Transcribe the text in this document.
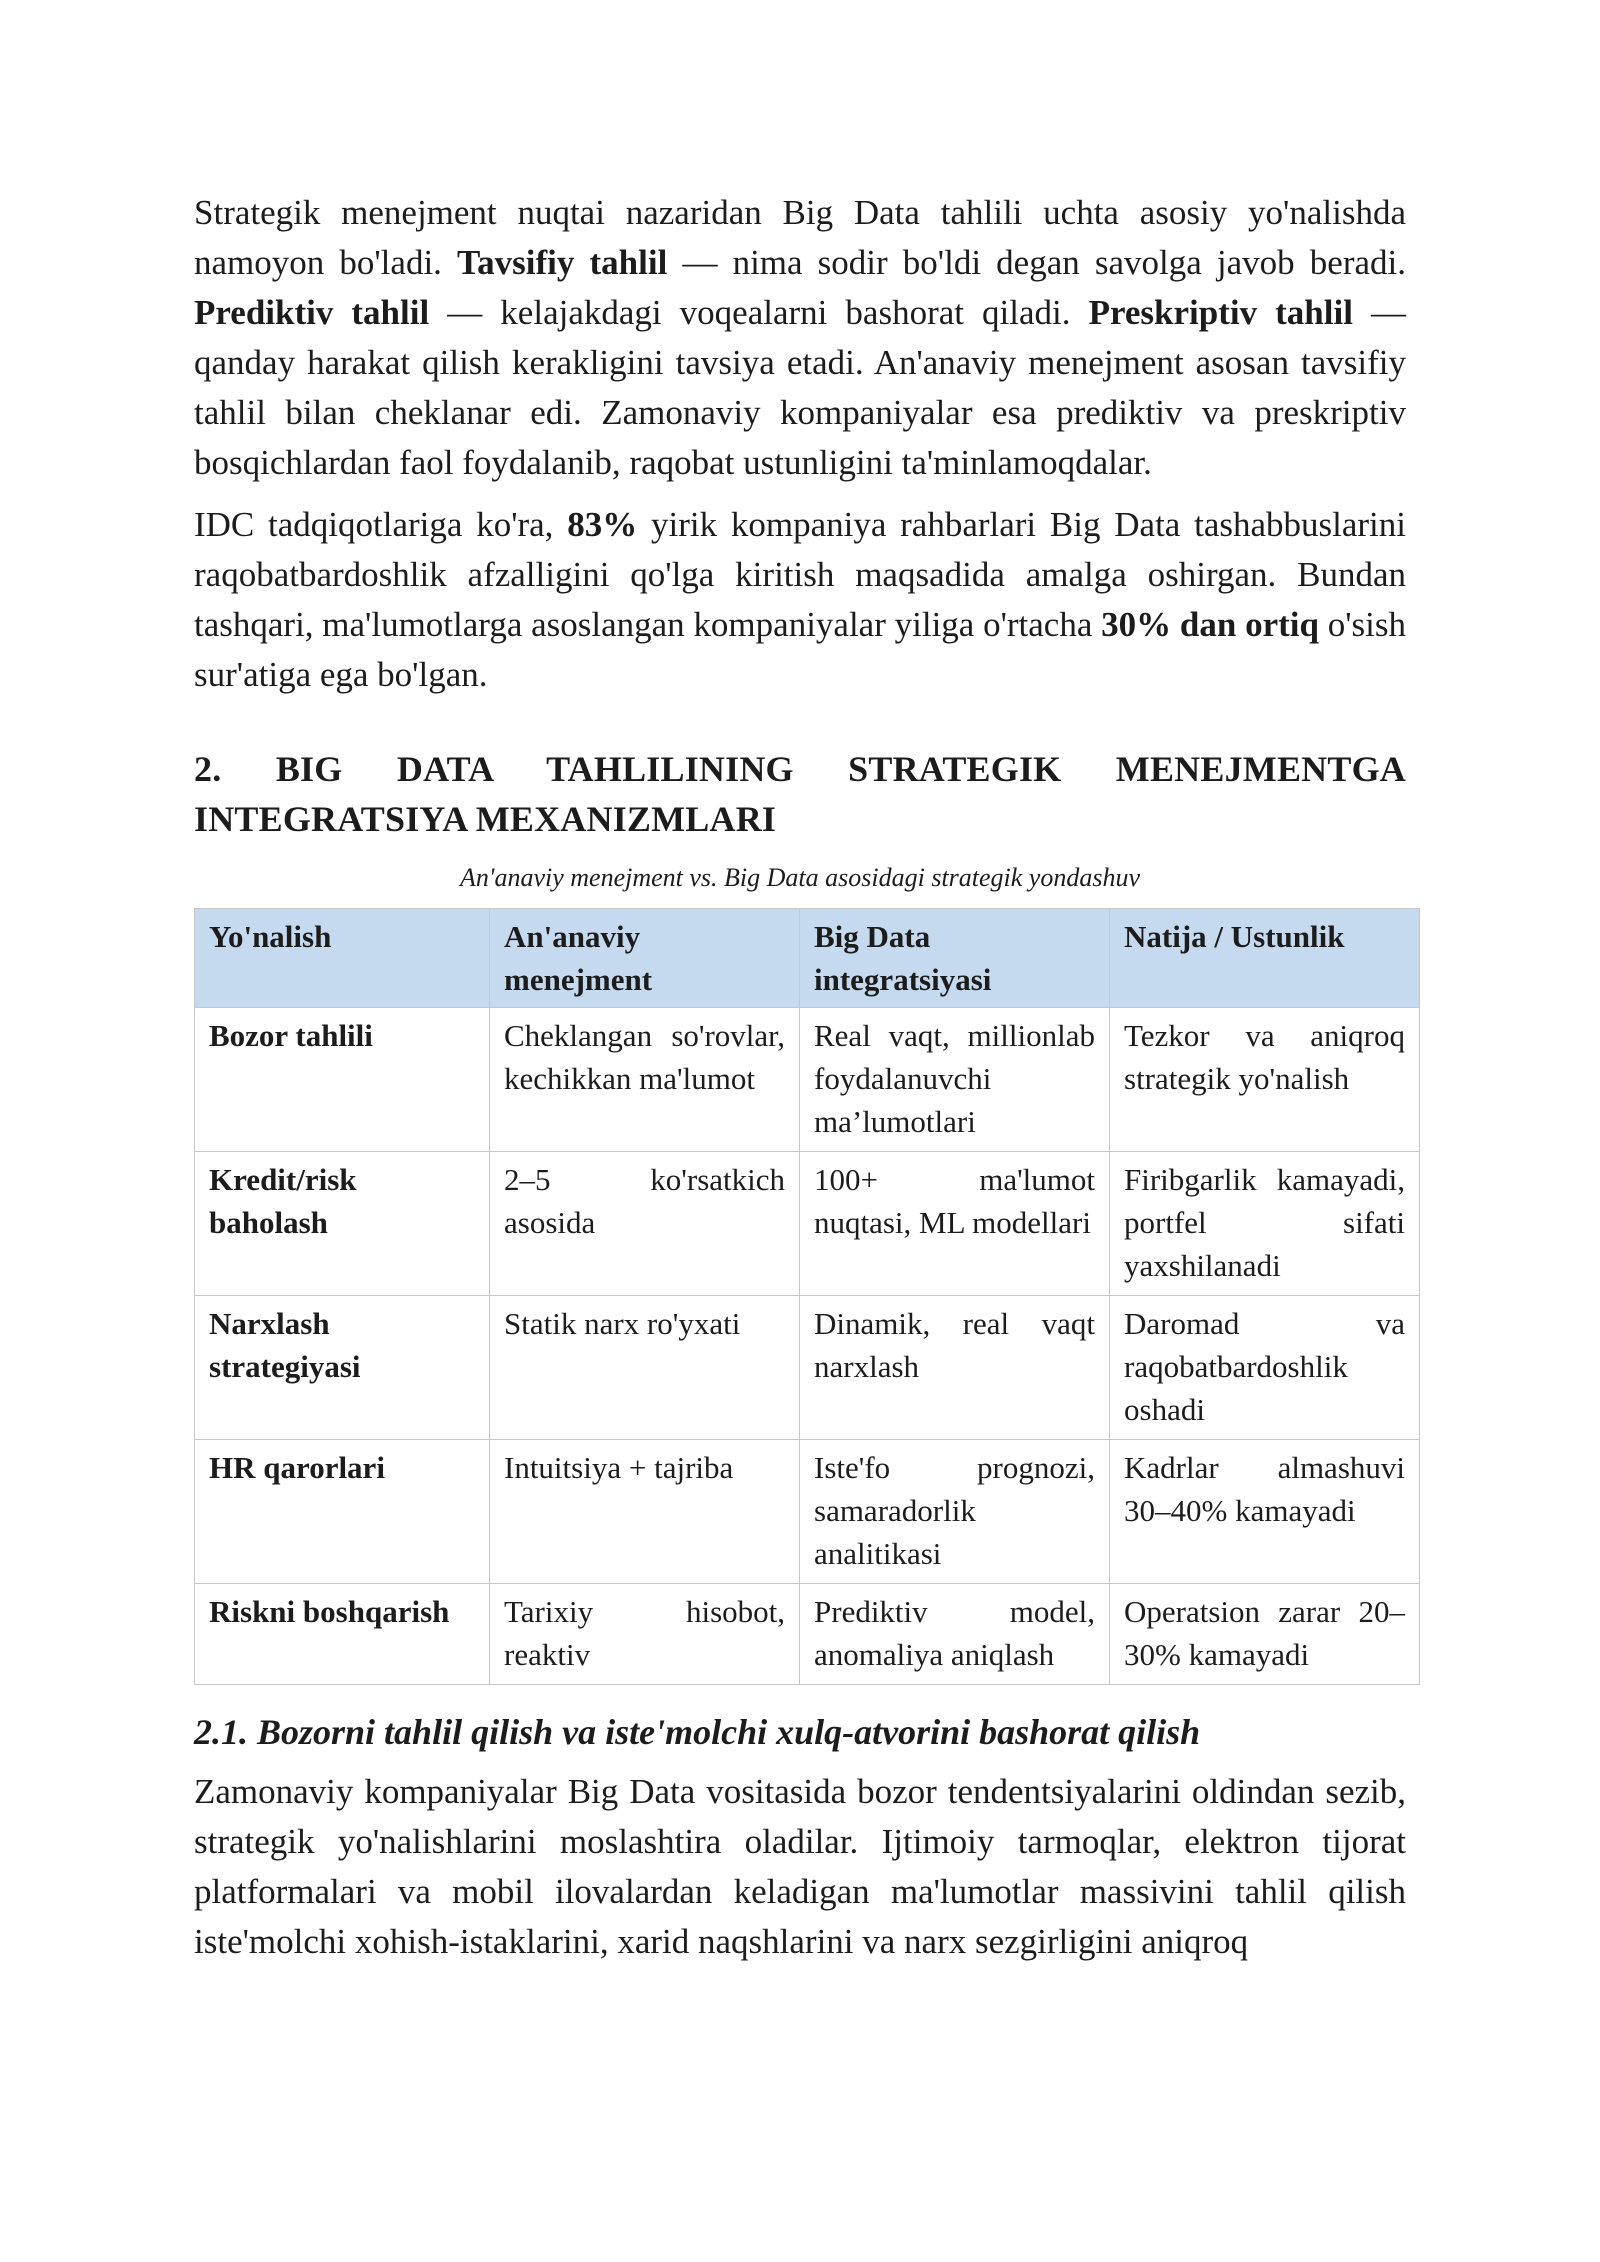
Strategik menejment nuqtai nazaridan Big Data tahlili uchta asosiy yo'nalishda namoyon bo'ladi. Tavsifiy tahlil — nima sodir bo'ldi degan savolga javob beradi. Prediktiv tahlil — kelajakdagi voqealarni bashorat qiladi. Preskriptiv tahlil — qanday harakat qilish kerakligini tavsiya etadi. An'anaviy menejment asosan tavsifiy tahlil bilan cheklanar edi. Zamonaviy kompaniyalar esa prediktiv va preskriptiv bosqichlardan faol foydalanib, raqobat ustunligini ta'minlamoqdalar.

IDC tadqiqotlariga ko'ra, 83% yirik kompaniya rahbarlari Big Data tashabbuslarini raqobatbardoshlik afzalligini qo'lga kiritish maqsadida amalga oshirgan. Bundan tashqari, ma'lumotlarga asoslangan kompaniyalar yiliga o'rtacha 30% dan ortiq o'sish sur'atiga ega bo'lgan.

2. BIG DATA TAHLILINING STRATEGIK MENEJMENTGA INTEGRATSIYA MEXANIZMLARI
An'anaviy menejment vs. Big Data asosidagi strategik yondashuv
Yo'nalish	An'anaviy menejment	Big Data integratsiyasi	Natija / Ustunlik
Bozor tahlili	Cheklangan so'rovlar, kechikkan ma'lumot	Real vaqt, millionlab foydalanuvchi ma’lumotlari	Tezkor va aniqroq strategik yo'nalish
Kredit/risk baholash	2–5 ko'rsatkich asosida	100+ ma'lumot nuqtasi, ML modellari	Firibgarlik kamayadi, portfel sifati yaxshilanadi
Narxlash strategiyasi	Statik narx ro'yxati	Dinamik, real vaqt narxlash	Daromad va raqobatbardoshlik oshadi
HR qarorlari	Intuitsiya + tajriba	Iste'fo prognozi, samaradorlik analitikasi	Kadrlar almashuvi 30–40% kamayadi
Riskni boshqarish	Tarixiy hisobot, reaktiv	Prediktiv model, anomaliya aniqlash	Operatsion zarar 20–30% kamayadi
2.1. Bozorni tahlil qilish va iste'molchi xulq-atvorini bashorat qilish

Zamonaviy kompaniyalar Big Data vositasida bozor tendentsiyalarini oldindan sezib, strategik yo'nalishlarini moslashtira oladilar. Ijtimoiy tarmoqlar, elektron tijorat platformalari va mobil ilovalardan keladigan ma'lumotlar massivini tahlil qilish iste'molchi xohish-istaklarini, xarid naqshlarini va narx sezgirligini aniqroq
